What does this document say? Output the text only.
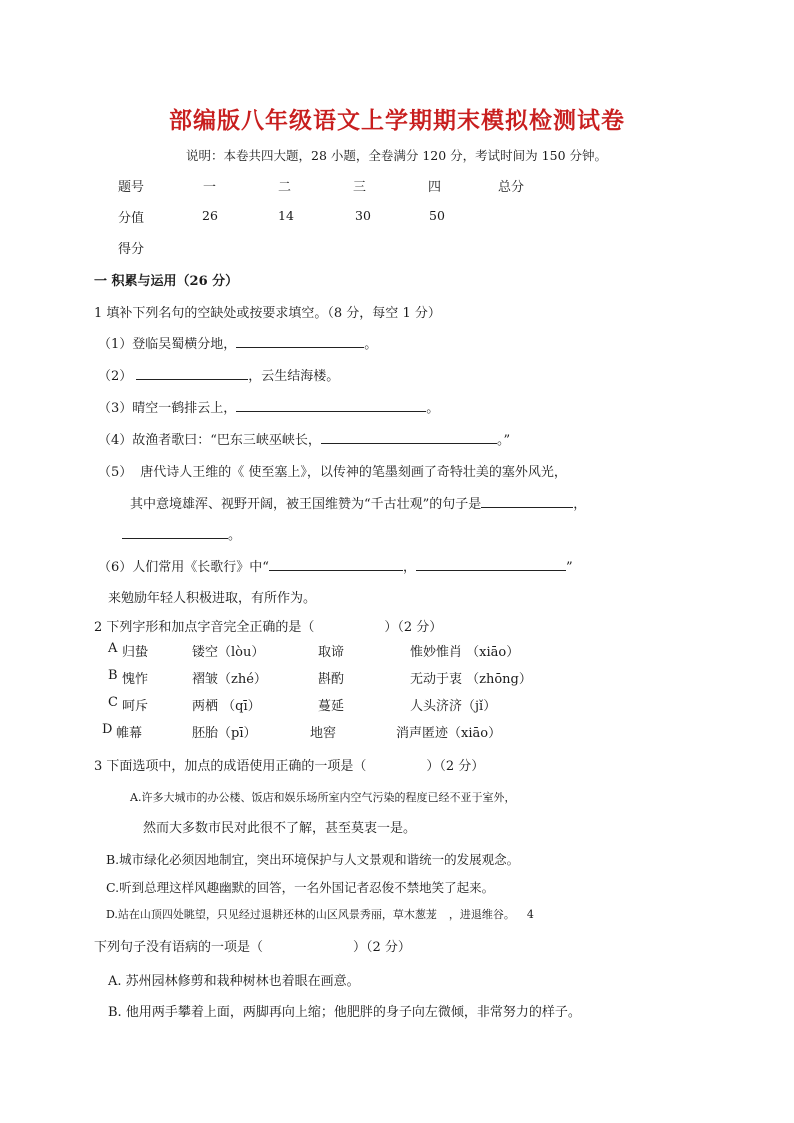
部编版八年级语文上学期期末模拟检测试卷
说明：本卷共四大题，28 小题，全卷满分 120 分，考试时间为 150 分钟。
题号	一	二	三	四	总分
分值	26	14	30	50
得分
一 积累与运用（26 分）
1 填补下列名句的空缺处或按要求填空。（8 分，每空 1 分）
（1）登临吴蜀横分地，	。
（2）	，云生结海楼。
（3）晴空一鹤排云上，	。
（4）故渔者歌曰：“巴东三峡巫峡长，	。”
（5） 唐代诗人王维的《 使至塞上》，以传神的笔墨刻画了奇特壮美的塞外风光，
其中意境雄浑、视野开阔，被王国维赞为“千古壮观”的句子是	，
。
（6）人们常用《长歌行》中“	，	”
来勉励年轻人积极进取，有所作为。
2 下列字形和加点字音完全正确的是（	）（2 分）
A 归蛰	镂空（lòu）	取谛	惟妙惟肖 （xiāo）
B 愧怍	褶皱（zhé）	斟酌	无动于衷 （zhōng）
C 呵斥	两栖 （qī）	蔓延	人头济济（jǐ）
D 帷幕	胚胎（pī）	地窖	消声匿迹（xiāo）
3 下面选项中，加点的成语使用正确的一项是（	）（2 分）
A.许多大城市的办公楼、饭店和娱乐场所室内空气污染的程度已经不亚于室外，
然而大多数市民对此很不了解，甚至莫衷一是。
B.城市绿化必须因地制宜，突出环境保护与人文景观和谐统一的发展观念。
C.听到总理这样风趣幽默的回答，一名外国记者忍俊不禁地笑了起来。
D.站在山顶四处眺望，只见经过退耕还林的山区风景秀丽，草木葱茏 ，进退维谷。 4
下列句子没有语病的一项是（	）（2 分）
A. 苏州园林修剪和栽种树林也着眼在画意。
B. 他用两手攀着上面，两脚再向上缩；他肥胖的身子向左微倾，非常努力的样子。
